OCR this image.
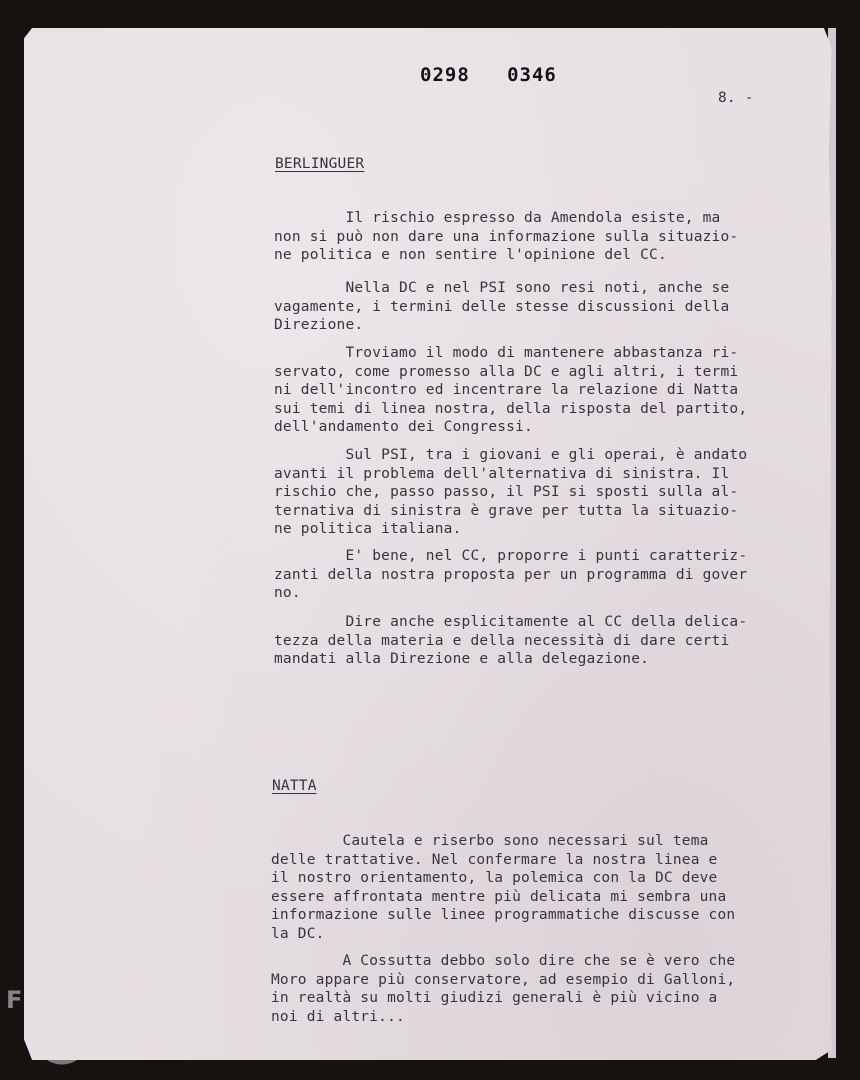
0298   0346
8. -
BERLINGUER
Il rischio espresso da Amendola esiste, ma
non si può non dare una informazione sulla situazio-
ne politica e non sentire l'opinione del CC.
Nella DC e nel PSI sono resi noti, anche se
vagamente, i termini delle stesse discussioni della
Direzione.
Troviamo il modo di mantenere abbastanza ri-
servato, come promesso alla DC e agli altri, i termi
ni dell'incontro ed incentrare la relazione di Natta
sui temi di linea nostra, della risposta del partito,
dell'andamento dei Congressi.
Sul PSI, tra i giovani e gli operai, è andato
avanti il problema dell'alternativa di sinistra. Il
rischio che, passo passo, il PSI si sposti sulla al-
ternativa di sinistra è grave per tutta la situazio-
ne politica italiana.
E' bene, nel CC, proporre i punti caratteriz-
zanti della nostra proposta per un programma di gover
no.
Dire anche esplicitamente al CC della delica-
tezza della materia e della necessità di dare certi
mandati alla Direzione e alla delegazione.
NATTA
Cautela e riserbo sono necessari sul tema
delle trattative. Nel confermare la nostra linea e
il nostro orientamento, la polemica con la DC deve
essere affrontata mentre più delicata mi sembra una
informazione sulle linee programmatiche discusse con
la DC.
A Cossutta debbo solo dire che se è vero che
Moro appare più conservatore, ad esempio di Galloni,
in realtà su molti giudizi generali è più vicino a
noi di altri...
FONDAZIONE
RAMSCI
onl
